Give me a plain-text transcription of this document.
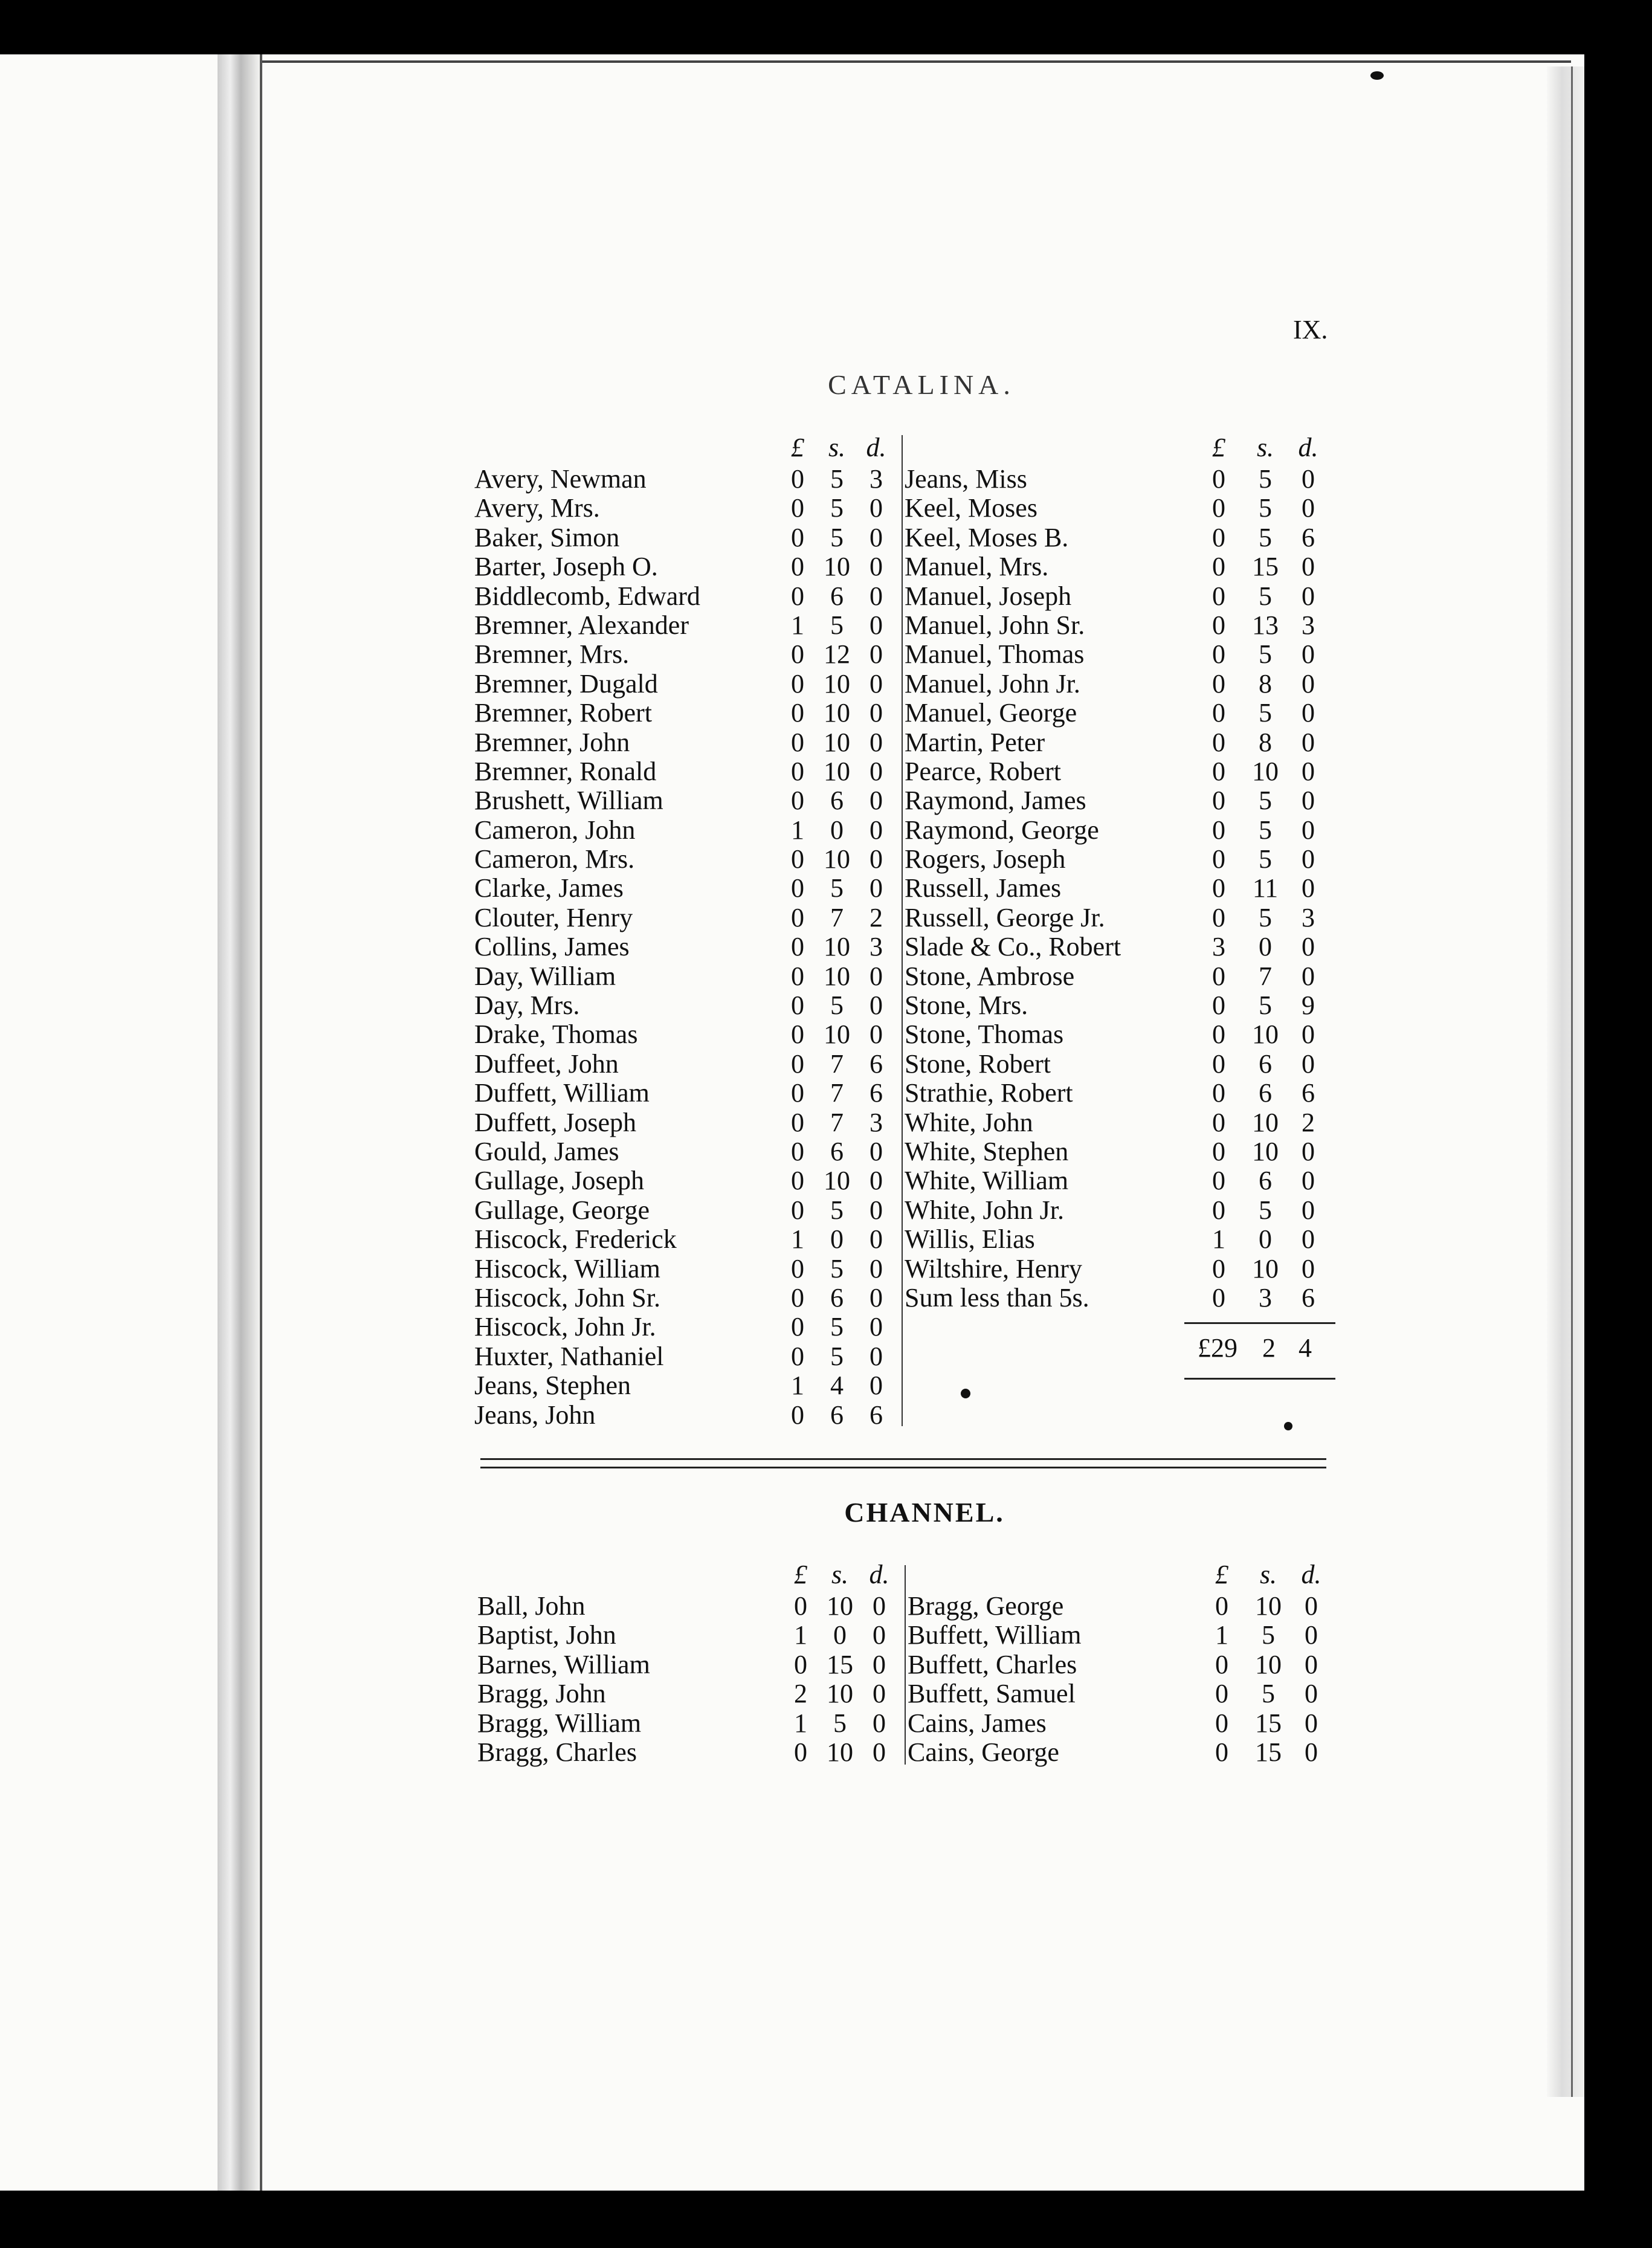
IX.
CATALINA.
CHANNEL.
£ s. d.
Avery, Newman	0 5 3
Avery, Mrs.	0 5 0
Baker, Simon	0 5 0
Barter, Joseph O.	0 10 0
Biddlecomb, Edward	0 6 0
Bremner, Alexander	1 5 0
Bremner, Mrs.	0 12 0
Bremner, Dugald	0 10 0
Bremner, Robert	0 10 0
Bremner, John	0 10 0
Bremner, Ronald	0 10 0
Brushett, William	0 6 0
Cameron, John	1 0 0
Cameron, Mrs.	0 10 0
Clarke, James	0 5 0
Clouter, Henry	0 7 2
Collins, James	0 10 3
Day, William	0 10 0
Day, Mrs.	0 5 0
Drake, Thomas	0 10 0
Duffeet, John	0 7 6
Duffett, William	0 7 6
Duffett, Joseph	0 7 3
Gould, James	0 6 0
Gullage, Joseph	0 10 0
Gullage, George	0 5 0
Hiscock, Frederick	1 0 0
Hiscock, William	0 5 0
Hiscock, John Sr.	0 6 0
Hiscock, John Jr.	0 5 0
Huxter, Nathaniel	0 5 0
Jeans, Stephen	1 4 0
Jeans, John	0 6 6
£	s. d.
Jeans, Miss	0	5	0
Keel, Moses	0	5	0
Keel, Moses B.	0	5	6
Manuel, Mrs.	0	15 0
Manuel, Joseph	0	5	0
Manuel, John Sr.	0	13 3
Manuel, Thomas	0	5	0
Manuel, John Jr.	0	8	0
Manuel, George	0	5	0
Martin, Peter	0	8	0
Pearce, Robert	0	10 0
Raymond, James	0	5	0
Raymond, George	0	5	0
Rogers, Joseph	0	5	0
Russell, James	0	11 0
Russell, George Jr.	0	5	3
Slade & Co., Robert	3	0	0
Stone, Ambrose	0	7	0
Stone, Mrs.	0	5	9
Stone, Thomas	0	10 0
Stone, Robert	0	6	0
Strathie, Robert	0	6	6
White, John	0	10 2
White, Stephen	0	10 0
White, William	0	6	0
White, John Jr.	0	5	0
Willis, Elias	1	0	0
Wiltshire, Henry	0	10 0
Sum less than 5s.	0	3	6
£29 2 4
£ s. d.
Ball, John	0 10 0
Baptist, John	1 0 0
Barnes, William	0 15 0
Bragg, John	2 10 0
Bragg, William	1 5 0
Bragg, Charles	0 10 0
£	s. d.
Bragg, George	0	10 0
Buffett, William	1	5	0
Buffett, Charles	0	10 0
Buffett, Samuel	0	5	0
Cains, James	0	15 0
Cains, George	0	15 0
